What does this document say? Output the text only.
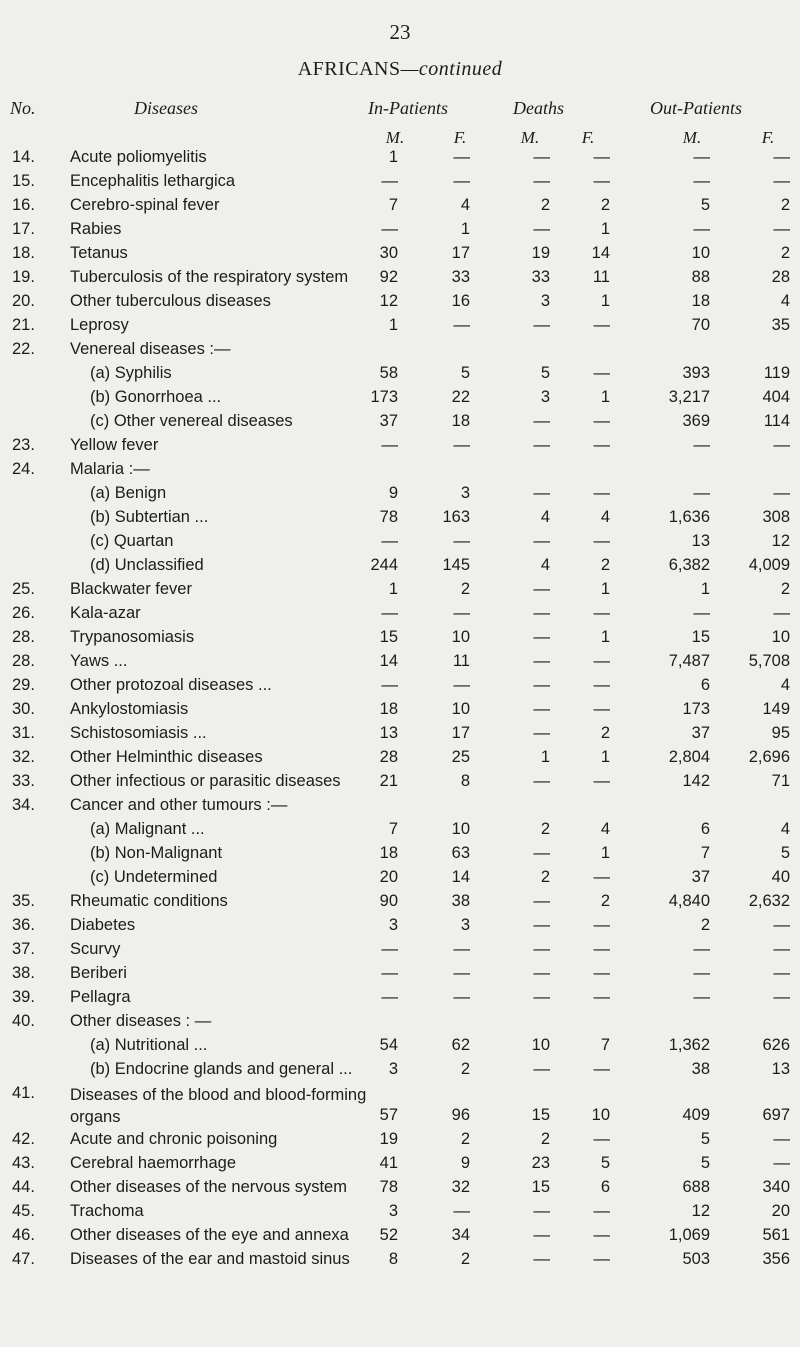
23
AFRICANS—continued
No.	Diseases	In-Patients	Deaths	Out-Patients
M.	F.	M.	F.	M.	F.
14. Acute poliomyelitis	1	—	—	—	—	—
15. Encephalitis lethargica	—	—	—	—	—	—
16. Cerebro-spinal fever	7	4	2	2	5	2
17. Rabies	—	1	—	1	—	—
18. Tetanus	30	17	19	14	10	2
19. Tuberculosis of the respiratory system	92	33	33	11	88	28
20. Other tuberculous diseases	12	16	3	1	18	4
21. Leprosy	1	—	—	—	70	35
22. Venereal diseases :—
(a) Syphilis	58	5	5	—	393	119
(b) Gonorrhoea ...	173	22	3	1	3,217	404
(c) Other venereal diseases	37	18	—	—	369	114
23. Yellow fever	—	—	—	—	—	—
24. Malaria :—
(a) Benign	9	3	—	—	—	—
(b) Subtertian ...	78	163	4	4	1,636	308
(c) Quartan	—	—	—	—	13	12
(d) Unclassified	244	145	4	2	6,382	4,009
25. Blackwater fever	1	2	—	1	1	2
26. Kala-azar	—	—	—	—	—	—
28. Trypanosomiasis	15	10	—	1	15	10
28. Yaws ...	14	11	—	—	7,487	5,708
29. Other protozoal diseases ...	—	—	—	—	6	4
30. Ankylostomiasis	18	10	—	—	173	149
31. Schistosomiasis ...	13	17	—	2	37	95
32. Other Helminthic diseases	28	25	1	1	2,804	2,696
33. Other infectious or parasitic diseases	21	8	—	—	142	71
34. Cancer and other tumours :—
(a) Malignant ...	7	10	2	4	6	4
(b) Non-Malignant	18	63	—	1	7	5
(c) Undetermined	20	14	2	—	37	40
35. Rheumatic conditions	90	38	—	2	4,840	2,632
36. Diabetes	3	3	—	—	2	—
37. Scurvy	—	—	—	—	—	—
38. Beriberi	—	—	—	—	—	—
39. Pellagra	—	—	—	—	—	—
40. Other diseases : —
(a) Nutritional ...	54	62	10	7	1,362	626
(b) Endocrine glands and general ...	3	2	—	—	38	13
41. Diseases of the blood and blood-forming organs	57	96	15	10	409	697
42. Acute and chronic poisoning	19	2	2	—	5	—
43. Cerebral haemorrhage	41	9	23	5	5	—
44. Other diseases of the nervous system	78	32	15	6	688	340
45. Trachoma	3	—	—	—	12	20
46. Other diseases of the eye and annexa	52	34	—	—	1,069	561
47. Diseases of the ear and mastoid sinus	8	2	—	—	503	356
